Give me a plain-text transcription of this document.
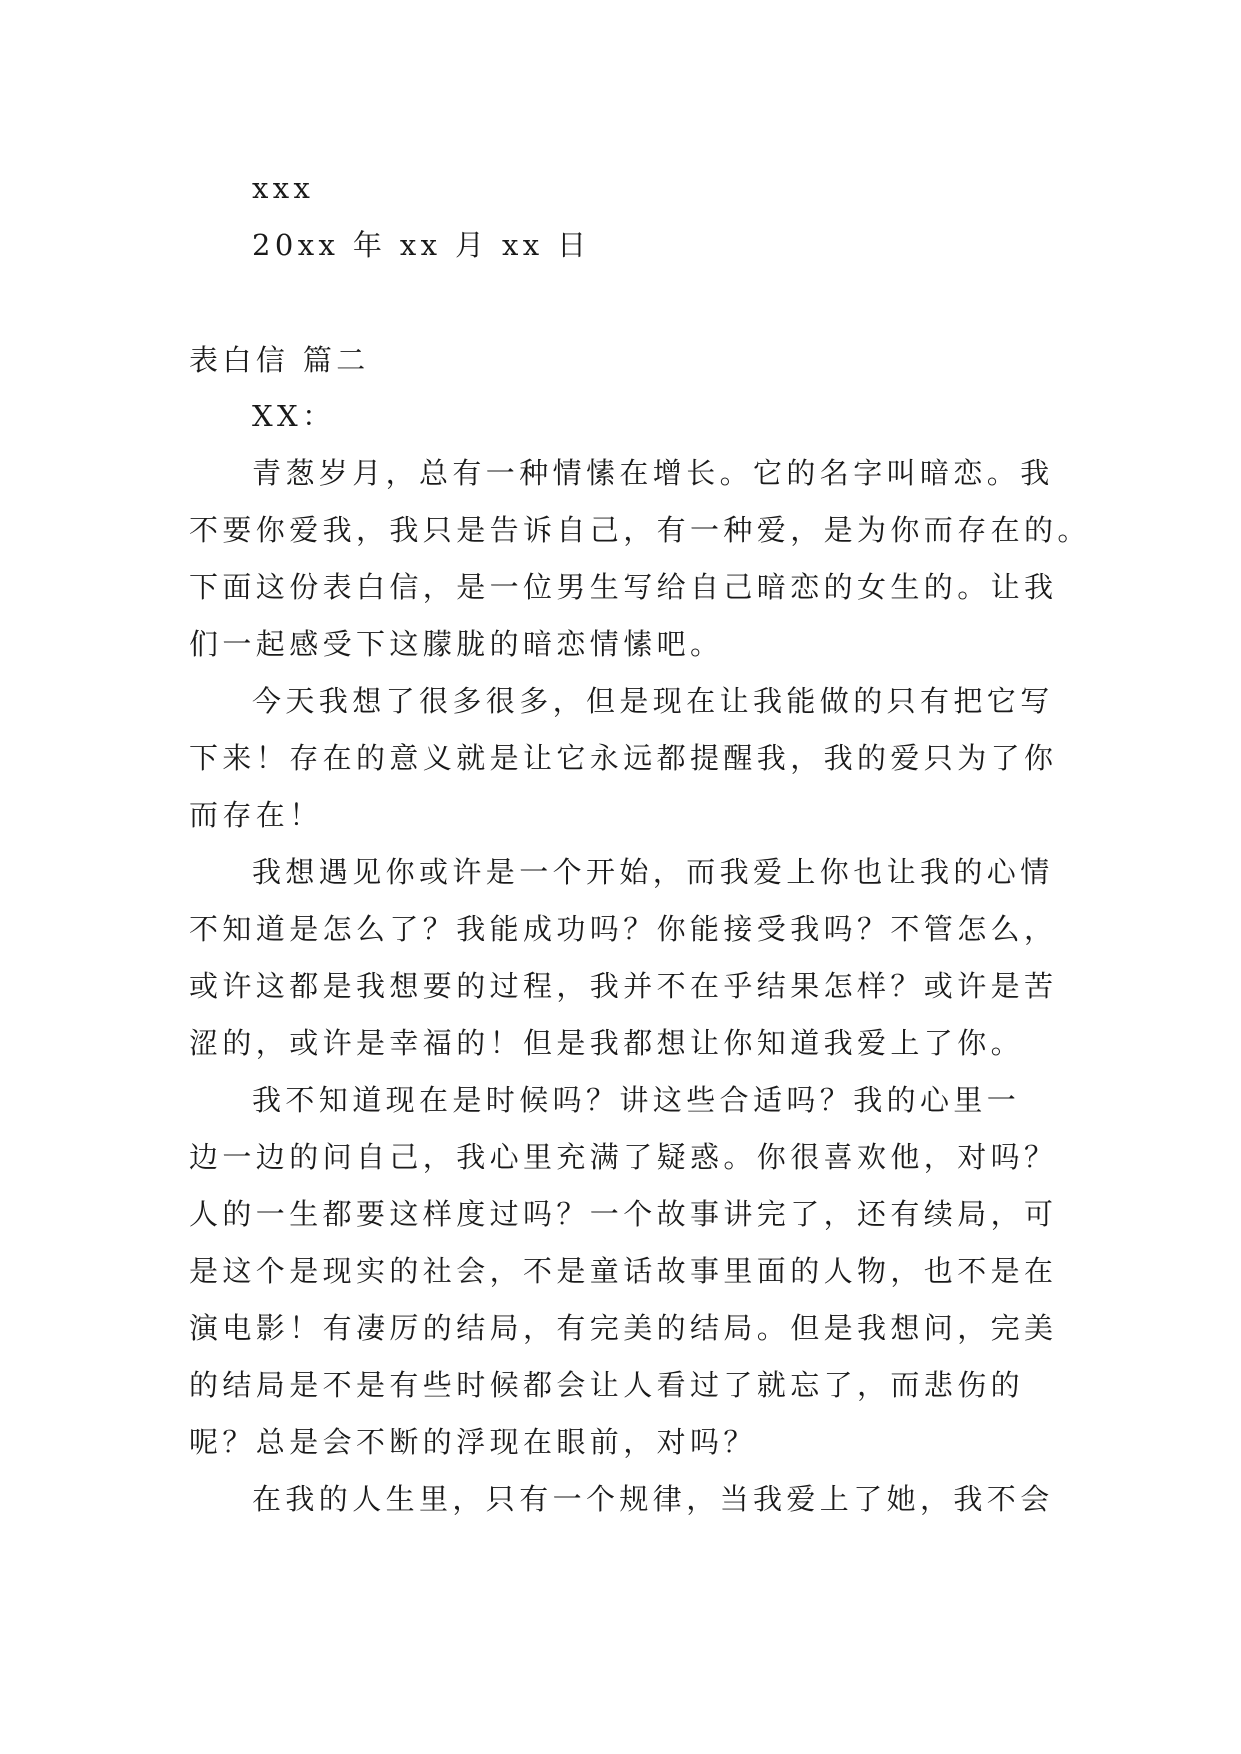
xxx
20xx 年 xx 月 xx 日
表白信 篇二
XX：
青葱岁月，总有一种情愫在增长。它的名字叫暗恋。我
不要你爱我，我只是告诉自己，有一种爱，是为你而存在的。
下面这份表白信，是一位男生写给自己暗恋的女生的。让我
们一起感受下这朦胧的暗恋情愫吧。
今天我想了很多很多，但是现在让我能做的只有把它写
下来！存在的意义就是让它永远都提醒我，我的爱只为了你
而存在！
我想遇见你或许是一个开始，而我爱上你也让我的心情
不知道是怎么了？我能成功吗？你能接受我吗？不管怎么，
或许这都是我想要的过程，我并不在乎结果怎样？或许是苦
涩的，或许是幸福的！但是我都想让你知道我爱上了你。
我不知道现在是时候吗？讲这些合适吗？我的心里一
边一边的问自己，我心里充满了疑惑。你很喜欢他，对吗？
人的一生都要这样度过吗？一个故事讲完了，还有续局，可
是这个是现实的社会，不是童话故事里面的人物，也不是在
演电影！有凄厉的结局，有完美的结局。但是我想问，完美
的结局是不是有些时候都会让人看过了就忘了，而悲伤的
呢？总是会不断的浮现在眼前，对吗？
在我的人生里，只有一个规律，当我爱上了她，我不会
